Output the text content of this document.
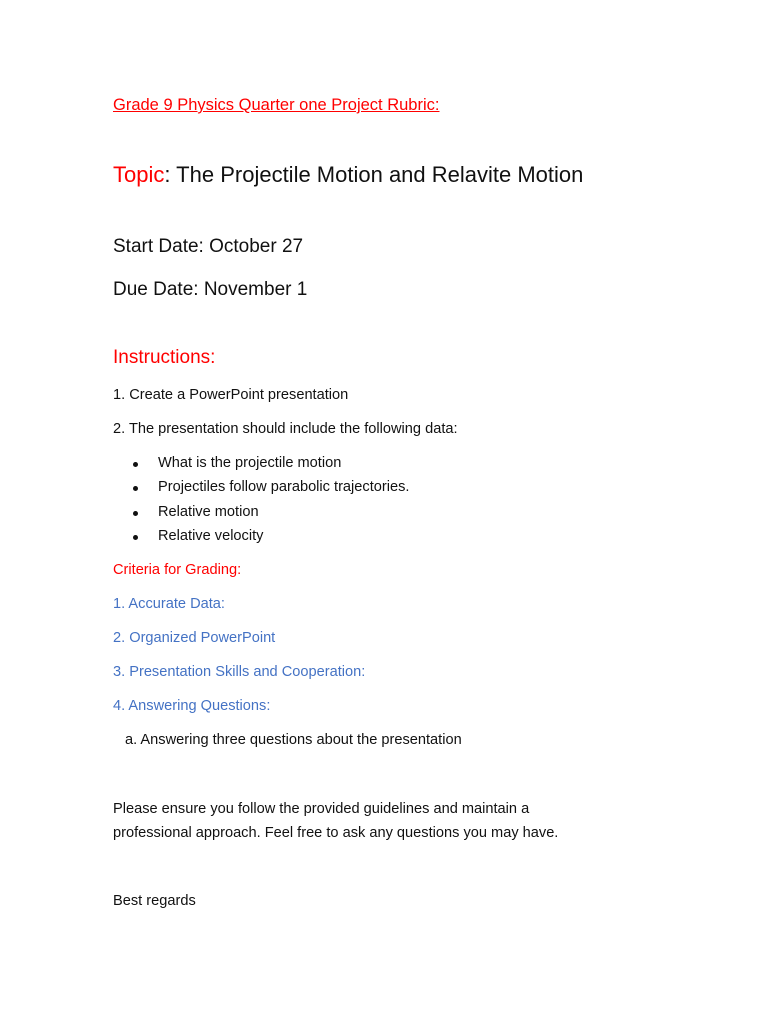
Grade 9 Physics Quarter one Project Rubric:
Topic: The Projectile Motion and Relavite Motion
Start Date: October 27
Due Date: November 1
Instructions:
1. Create a PowerPoint presentation
2. The presentation should include the following data:
What is the projectile motion
Projectiles follow parabolic trajectories.
Relative motion
Relative velocity
Criteria for Grading:
1. Accurate Data:
2. Organized PowerPoint
3. Presentation Skills and Cooperation:
4. Answering Questions:
a. Answering three questions about the presentation
Please ensure you follow the provided guidelines and maintain a
professional approach. Feel free to ask any questions you may have.
Best regards
